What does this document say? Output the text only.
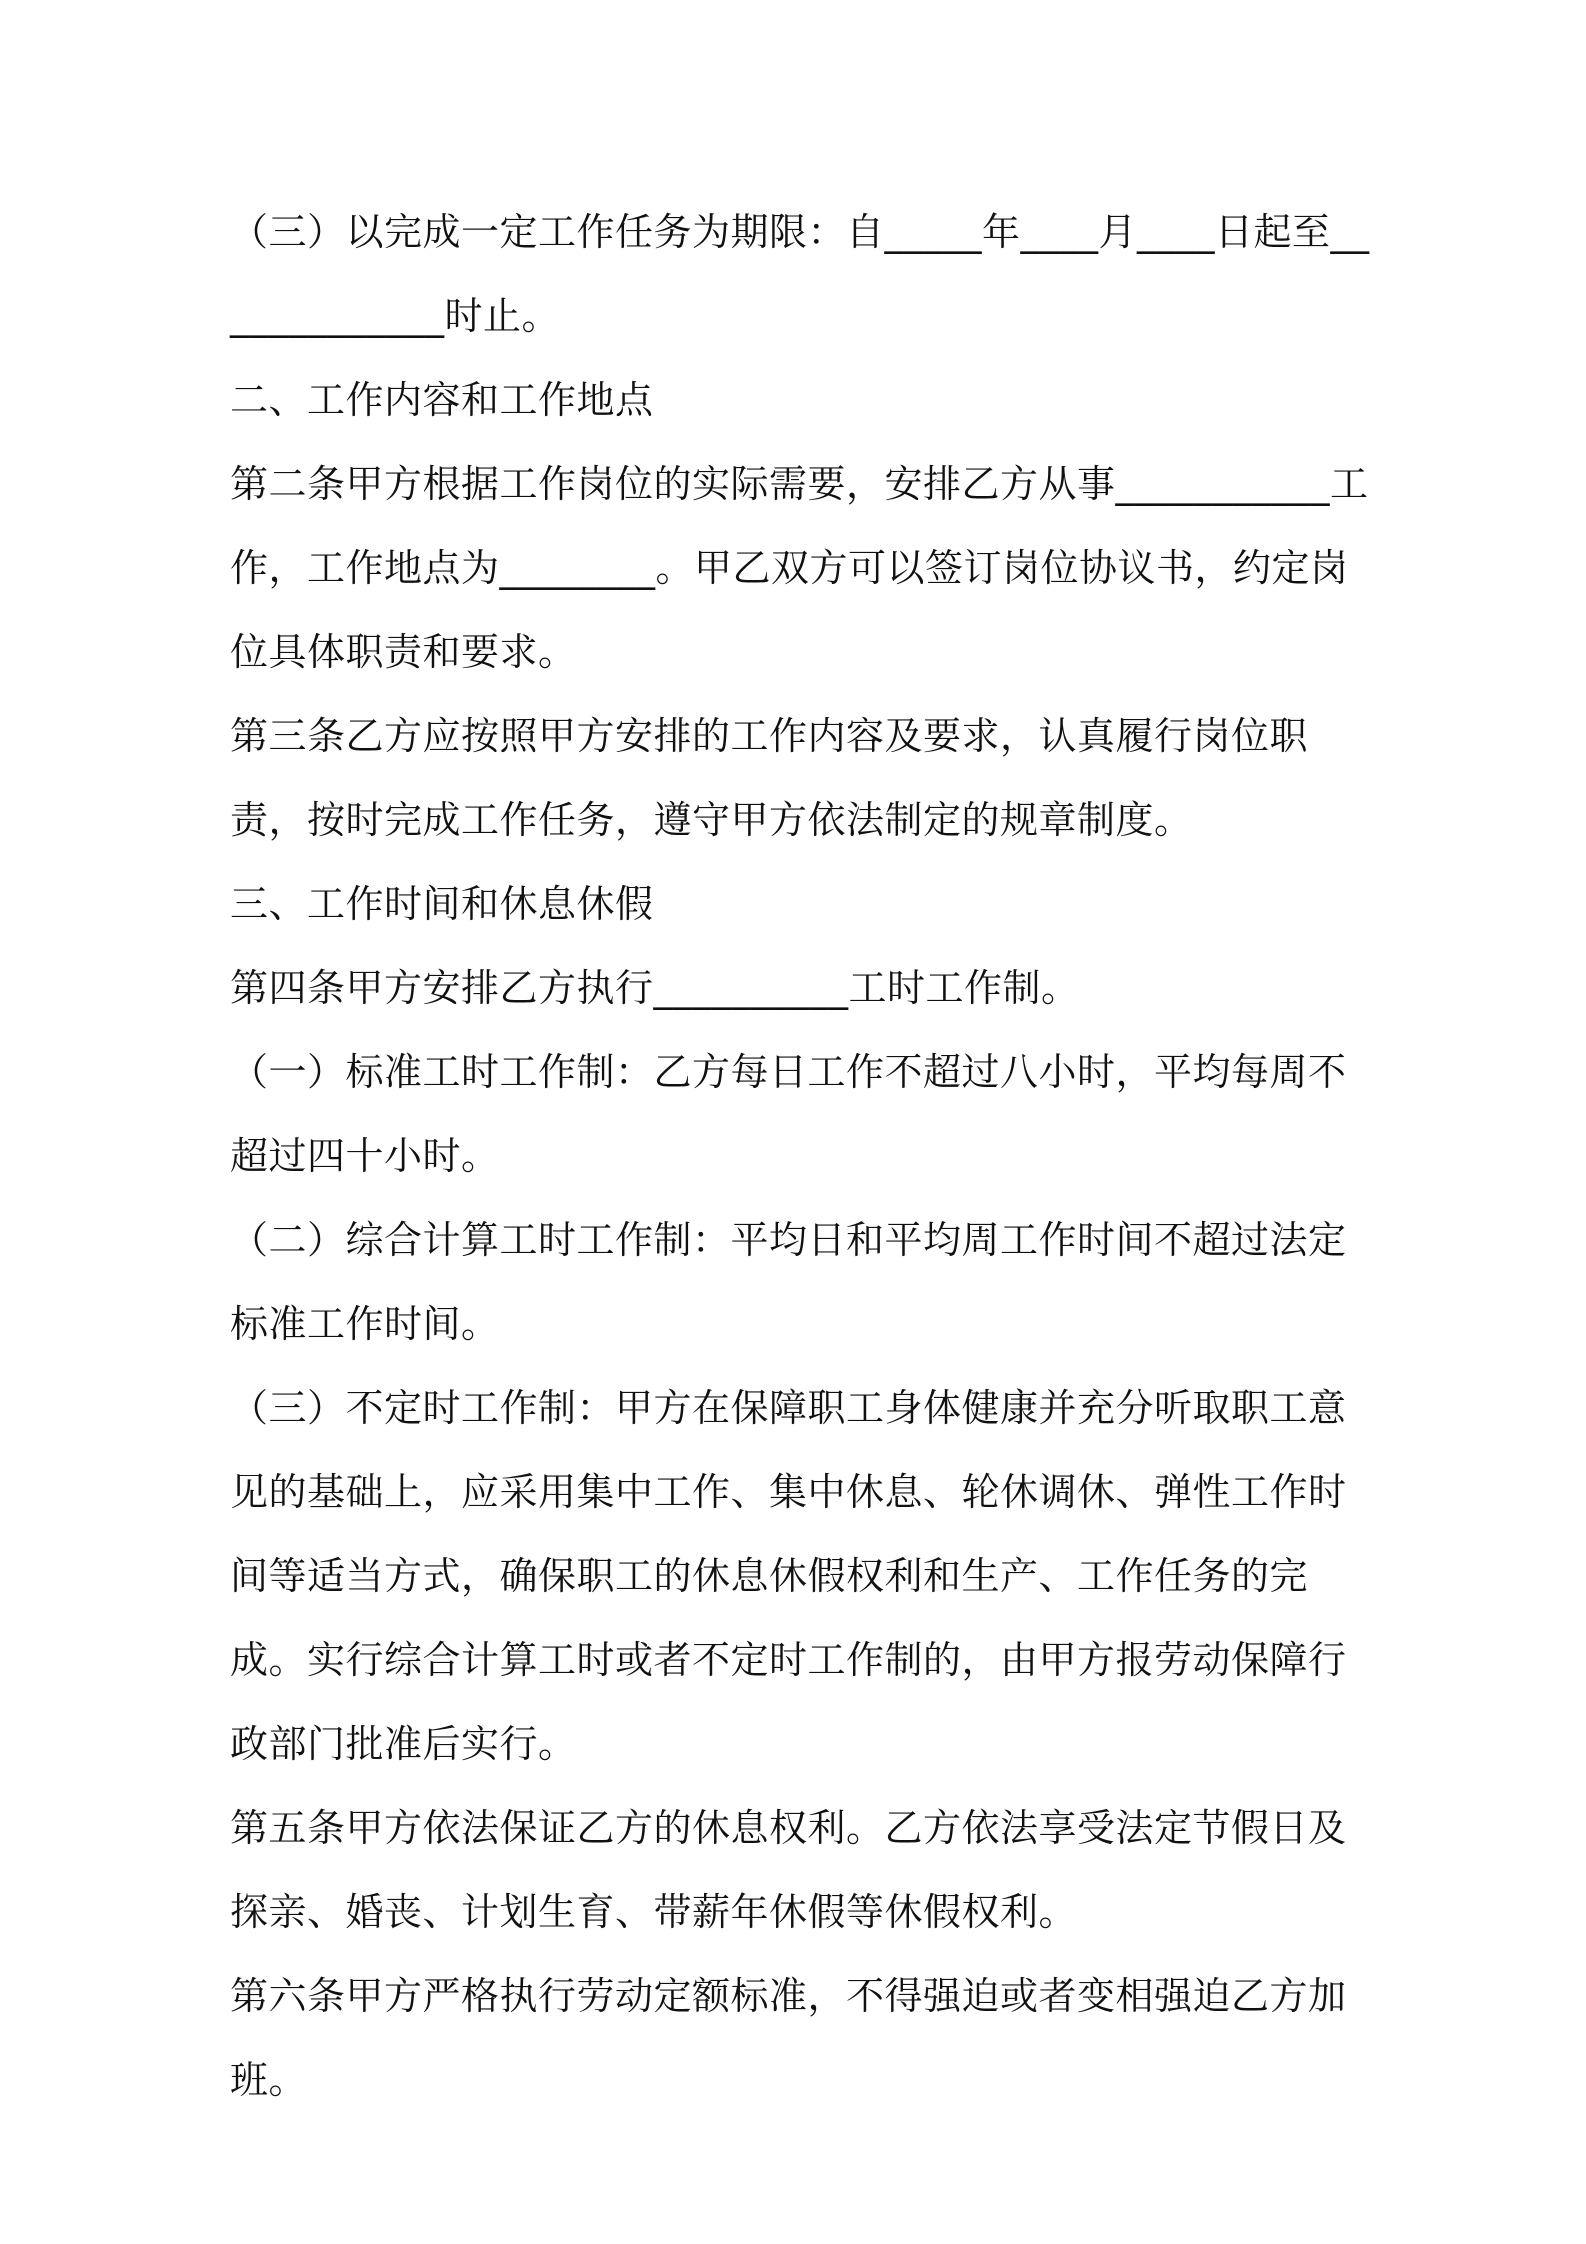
（三）以完成一定工作任务为期限：自_____年____月____日起至_____________时止。

二、工作内容和工作地点

第二条甲方根据工作岗位的实际需要，安排乙方从事___________工作，工作地点为________。甲乙双方可以签订岗位协议书，约定岗位具体职责和要求。

第三条乙方应按照甲方安排的工作内容及要求，认真履行岗位职责，按时完成工作任务，遵守甲方依法制定的规章制度。

三、工作时间和休息休假

第四条甲方安排乙方执行__________工时工作制。

（一）标准工时工作制：乙方每日工作不超过八小时，平均每周不超过四十小时。

（二）综合计算工时工作制：平均日和平均周工作时间不超过法定标准工作时间。

（三）不定时工作制：甲方在保障职工身体健康并充分听取职工意见的基础上，应采用集中工作、集中休息、轮休调休、弹性工作时间等适当方式，确保职工的休息休假权利和生产、工作任务的完成。实行综合计算工时或者不定时工作制的，由甲方报劳动保障行政部门批准后实行。

第五条甲方依法保证乙方的休息权利。乙方依法享受法定节假日及探亲、婚丧、计划生育、带薪年休假等休假权利。

第六条甲方严格执行劳动定额标准，不得强迫或者变相强迫乙方加班。
